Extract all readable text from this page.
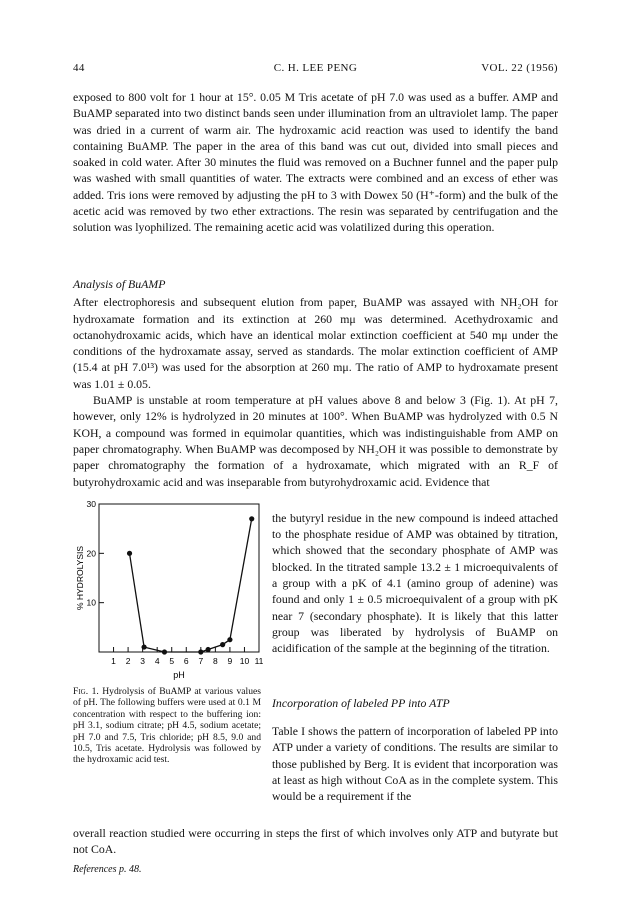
44	C. H. LEE PENG	VOL. 22 (1956)

exposed to 800 volt for 1 hour at 15°. 0.05 M Tris acetate of pH 7.0 was used as a buffer. AMP and BuAMP separated into two distinct bands seen under illumination from an ultraviolet lamp. The paper was dried in a current of warm air. The hydroxamic acid reaction was used to identify the band containing BuAMP. The paper in the area of this band was cut out, divided into small pieces and soaked in cold water. After 30 minutes the fluid was removed on a Buchner funnel and the paper pulp was washed with small quantities of water. The extracts were combined and an excess of ether was added. Tris ions were removed by adjusting the pH to 3 with Dowex 50 (H⁺-form) and the bulk of the acetic acid was removed by two ether extractions. The resin was separated by centrifugation and the solution was lyophilized. The remaining acetic acid was volatilized during this operation.

Analysis of BuAMP

After electrophoresis and subsequent elution from paper, BuAMP was assayed with NH₂OH for hydroxamate formation and its extinction at 260 mμ was determined. Acethydroxamic and octanohydroxamic acids, which have an identical molar extinction coefficient at 540 mμ under the conditions of the hydroxamate assay, served as standards. The molar extinction coefficient of AMP (15.4 at pH 7.0¹³) was used for the absorption at 260 mμ. The ratio of AMP to hydroxamate present was 1.01 ± 0.05.

BuAMP is unstable at room temperature at pH values above 8 and below 3 (Fig. 1). At pH 7, however, only 12% is hydrolyzed in 20 minutes at 100°. When BuAMP was hydrolyzed with 0.5 N KOH, a compound was formed in equimolar quantities, which was indistinguishable from AMP on paper chromatography. When BuAMP was decomposed by NH₂OH it was possible to demonstrate by paper chromatography the formation of a hydroxamate, which migrated with an R_F of butyrohydroxamic acid and was inseparable from butyrohydroxamic acid. Evidence that

10
20
30
1 2 3 4 5 6 7 8 9 10 11
% HYDROLYSIS
pH
Fig. 1. Hydrolysis of BuAMP at various values of pH. The following buffers were used at 0.1 M concentration with respect to the buffering ion: pH 3.1, sodium citrate; pH 4.5, sodium acetate; pH 7.0 and 7.5, Tris chloride; pH 8.5, 9.0 and 10.5, Tris acetate. Hydrolysis was followed by the hydroxamic acid test.

the butyryl residue in the new compound is indeed attached to the phosphate residue of AMP was obtained by titration, which showed that the secondary phosphate of AMP was blocked. In the titrated sample 13.2 ± 1 microequivalents of a group with a pK of 4.1 (amino group of adenine) was found and only 1 ± 0.5 microequivalent of a group with pK near 7 (secondary phosphate). It is likely that this latter group was liberated by hydrolysis of BuAMP on acidification of the sample at the beginning of the titration.

Incorporation of labeled PP into ATP

Table I shows the pattern of incorporation of labeled PP into ATP under a variety of conditions. The results are similar to those published by Berg. It is evident that incorporation was at least as high without CoA as in the complete system. This would be a requirement if the

overall reaction studied were occurring in steps the first of which involves only ATP and butyrate but not CoA.

References p. 48.
